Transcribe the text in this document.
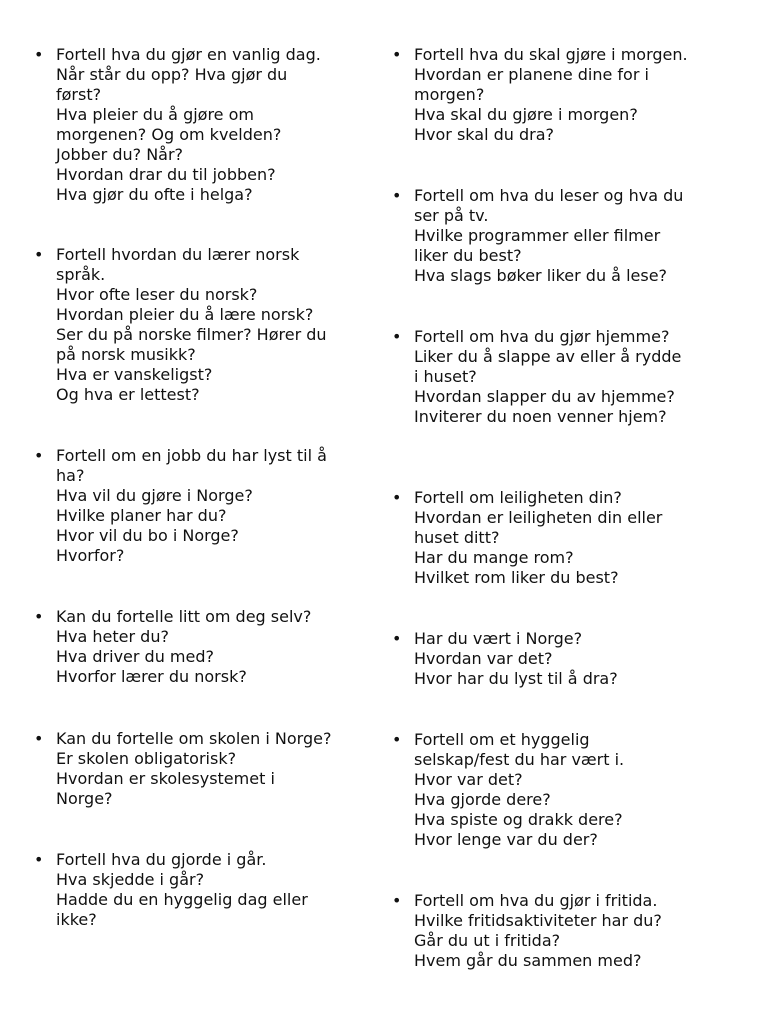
• Fortell hva du gjør en vanlig dag.
Når står du opp? Hva gjør du
først?
Hva pleier du å gjøre om
morgenen? Og om kvelden?
Jobber du? Når?
Hvordan drar du til jobben?
Hva gjør du ofte i helga?
• Fortell hvordan du lærer norsk
språk.
Hvor ofte leser du norsk?
Hvordan pleier du å lære norsk?
Ser du på norske filmer? Hører du
på norsk musikk?
Hva er vanskeligst?
Og hva er lettest?
• Fortell om en jobb du har lyst til å
ha?
Hva vil du gjøre i Norge?
Hvilke planer har du?
Hvor vil du bo i Norge?
Hvorfor?
• Kan du fortelle litt om deg selv?
Hva heter du?
Hva driver du med?
Hvorfor lærer du norsk?
• Kan du fortelle om skolen i Norge?
Er skolen obligatorisk?
Hvordan er skolesystemet i
Norge?
• Fortell hva du gjorde i går.
Hva skjedde i går?
Hadde du en hyggelig dag eller
ikke?
• Fortell hva du skal gjøre i morgen.
Hvordan er planene dine for i
morgen?
Hva skal du gjøre i morgen?
Hvor skal du dra?
• Fortell om hva du leser og hva du
ser på tv.
Hvilke programmer eller filmer
liker du best?
Hva slags bøker liker du å lese?
• Fortell om hva du gjør hjemme?
Liker du å slappe av eller å rydde
i huset?
Hvordan slapper du av hjemme?
Inviterer du noen venner hjem?
• Fortell om leiligheten din?
Hvordan er leiligheten din eller
huset ditt?
Har du mange rom?
Hvilket rom liker du best?
• Har du vært i Norge?
Hvordan var det?
Hvor har du lyst til å dra?
• Fortell om et hyggelig
selskap/fest du har vært i.
Hvor var det?
Hva gjorde dere?
Hva spiste og drakk dere?
Hvor lenge var du der?
• Fortell om hva du gjør i fritida.
Hvilke fritidsaktiviteter har du?
Går du ut i fritida?
Hvem går du sammen med?
